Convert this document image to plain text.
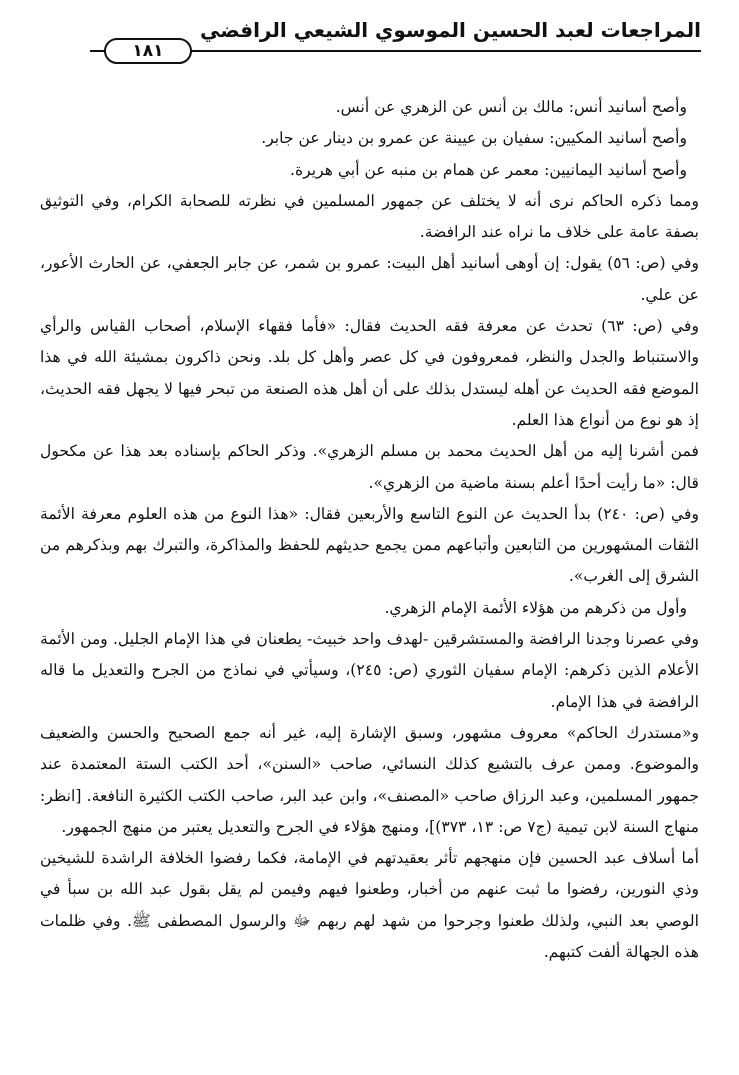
المراجعات لعبد الحسين الموسوي الشيعي الرافضي
١٨١

وأصح أسانيد أنس: مالك بن أنس عن الزهري عن أنس.

وأصح أسانيد المكيين: سفيان بن عيينة عن عمرو بن دينار عن جابر.

وأصح أسانيد اليمانيين: معمر عن همام بن منبه عن أبي هريرة.

ومما ذكره الحاكم نرى أنه لا يختلف عن جمهور المسلمين في نظرته للصحابة الكرام، وفي التوثيق بصفة عامة على خلاف ما نراه عند الرافضة.

وفي (ص: ٥٦) يقول: إن أوهى أسانيد أهل البيت: عمرو بن شمر، عن جابر الجعفي، عن الحارث الأعور، عن علي.

وفي (ص: ٦٣) تحدث عن معرفة فقه الحديث فقال: «فأما فقهاء الإسلام، أصحاب القياس والرأي والاستنباط والجدل والنظر، فمعروفون في كل عصر وأهل كل بلد. ونحن ذاكرون بمشيئة الله في هذا الموضع فقه الحديث عن أهله ليستدل بذلك على أن أهل هذه الصنعة من تبحر فيها لا يجهل فقه الحديث، إذ هو نوع من أنواع هذا العلم.

فمن أشرنا إليه من أهل الحديث محمد بن مسلم الزهري». وذكر الحاكم بإسناده بعد هذا عن مكحول قال: «ما رأيت أحدًا أعلم بسنة ماضية من الزهري».

وفي (ص: ٢٤٠) بدأ الحديث عن النوع التاسع والأربعين فقال: «هذا النوع من هذه العلوم معرفة الأئمة الثقات المشهورين من التابعين وأتباعهم ممن يجمع حديثهم للحفظ والمذاكرة، والتبرك بهم وبذكرهم من الشرق إلى الغرب».

وأول من ذكرهم من هؤلاء الأئمة الإمام الزهري.

وفي عصرنا وجدنا الرافضة والمستشرقين -لهدف واحد خبيث- يطعنان في هذا الإمام الجليل. ومن الأئمة الأعلام الذين ذكرهم: الإمام سفيان الثوري (ص: ٢٤٥)، وسيأتي في نماذج من الجرح والتعديل ما قاله الرافضة في هذا الإمام.

و«مستدرك الحاكم» معروف مشهور، وسبق الإشارة إليه، غير أنه جمع الصحيح والحسن والضعيف والموضوع. وممن عرف بالتشيع كذلك النسائي، صاحب «السنن»، أحد الكتب الستة المعتمدة عند جمهور المسلمين، وعبد الرزاق صاحب «المصنف»، وابن عبد البر، صاحب الكتب الكثيرة النافعة. [انظر: منهاج السنة لابن تيمية (ج٧ ص: ١٣، ٣٧٣)]، ومنهج هؤلاء في الجرح والتعديل يعتبر من منهج الجمهور.

أما أسلاف عبد الحسين فإن منهجهم تأثر بعقيدتهم في الإمامة، فكما رفضوا الخلافة الراشدة للشيخين وذي النورين، رفضوا ما ثبت عنهم من أخبار، وطعنوا فيهم وفيمن لم يقل بقول عبد الله بن سبأ في الوصي بعد النبي، ولذلك طعنوا وجرحوا من شهد لهم ربهم ﷻ والرسول المصطفى ﷺ. وفي ظلمات هذه الجهالة ألفت كتبهم.
